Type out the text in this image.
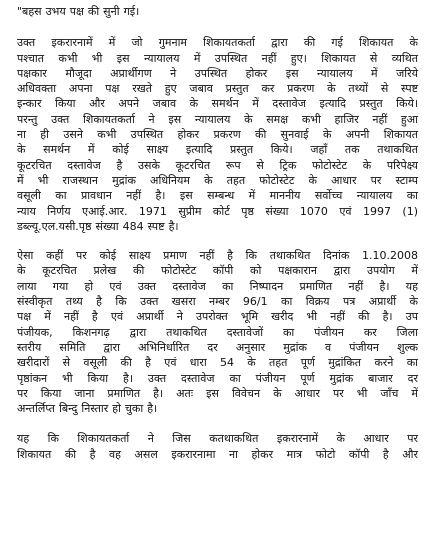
"बहस उभय पक्ष की सुनी गई।

उक्त इकरारनामें में जो गुमनाम शिकायतकर्ता द्वारा की गई शिकायत के
पश्चात कभी भी इस न्यायालय में उपस्थित नहीं हुए। शिकायत से व्यथित
पक्षकार मौजूदा अप्रार्थीगण ने उपस्थित होकर इस न्यायालय में जरिये
अधिवक्ता अपना पक्ष रखते हुए जबाव प्रस्तुत कर प्रकरण के तथ्यों से स्पष्ट
इन्कार किया और अपने जबाव के समर्थन में दस्तावेज इत्यादि प्रस्तुत किये।
परन्तु उक्त शिकायतकर्ता ने इस न्यायालय के समक्ष कभी हाजिर नहीं हुआ
ना ही उसने कभी उपस्थित होकर प्रकरण की सुनवाई के अपनी शिकायत
के समर्थन में कोई साक्ष्य इत्यादि प्रस्तुत किये। जहाँ तक तथाकथित
कूटरचित दस्तावेज है उसके कूटरचित रूप से ट्रिक फोटोस्टेट के परिपेक्ष्य
में भी राजस्थान मुद्रांक अधिनियम के तहत फोटोस्टेट के आधार पर स्टाम्प
वसूली का प्रावधान नहीं है। इस सम्बन्ध में माननीय सर्वोच्च न्यायालय का
न्याय निर्णय एआई.आर. 1971 सुप्रीम कोर्ट पृष्ठ संख्या 1070 एवं 1997 (1)
डब्ल्यू.एल.यसी.पृष्ठ संख्या 484 स्पष्ट है।

ऐसा कहीं पर कोई साक्ष्य प्रमाण नहीं है कि तथाकथित दिनांक 1.10.2008
के कूटरचित प्रलेख की फोटोस्टेट कॉपी को पक्षकारान द्वारा उपयोग में
लाया गया हो एवं उक्त दस्तावेज का निष्पादन प्रमाणित नहीं है। यह
संस्वीकृत तथ्य है कि उक्त खसरा नम्बर 96/1 का विक्रय पत्र अप्रार्थी के
पक्ष में नहीं है एवं अप्रार्थी ने उपरोक्त भूमि खरीद भी नहीं की है। उप
पंजीयक, किशनगढ़ द्वारा तथाकथित दस्तावेजों का पंजीयन कर जिला
स्तरीय समिति द्वारा अभिनिर्धारित दर अनुसार मुद्रांक व पंजीयन शुल्क
खरीदारों से वसूली की है एवं धारा 54 के तहत पूर्ण मुद्रांकित करने का
पृष्ठांकन भी किया है। उक्त दस्तावेज का पंजीयन पूर्ण मुद्रांक बाजार दर
पर किया जाना प्रमाणित है। अतः इस विवेचन के आधार पर भी जाँच में
अन्तर्लिप्त बिन्दु निस्तार हो चुका है।

यह कि शिकायतकर्ता ने जिस कतथाकथित इकरारनामें के आधार पर
शिकायत की है वह असल इकरारनामा ना होकर मात्र फोटो कॉपी है और
